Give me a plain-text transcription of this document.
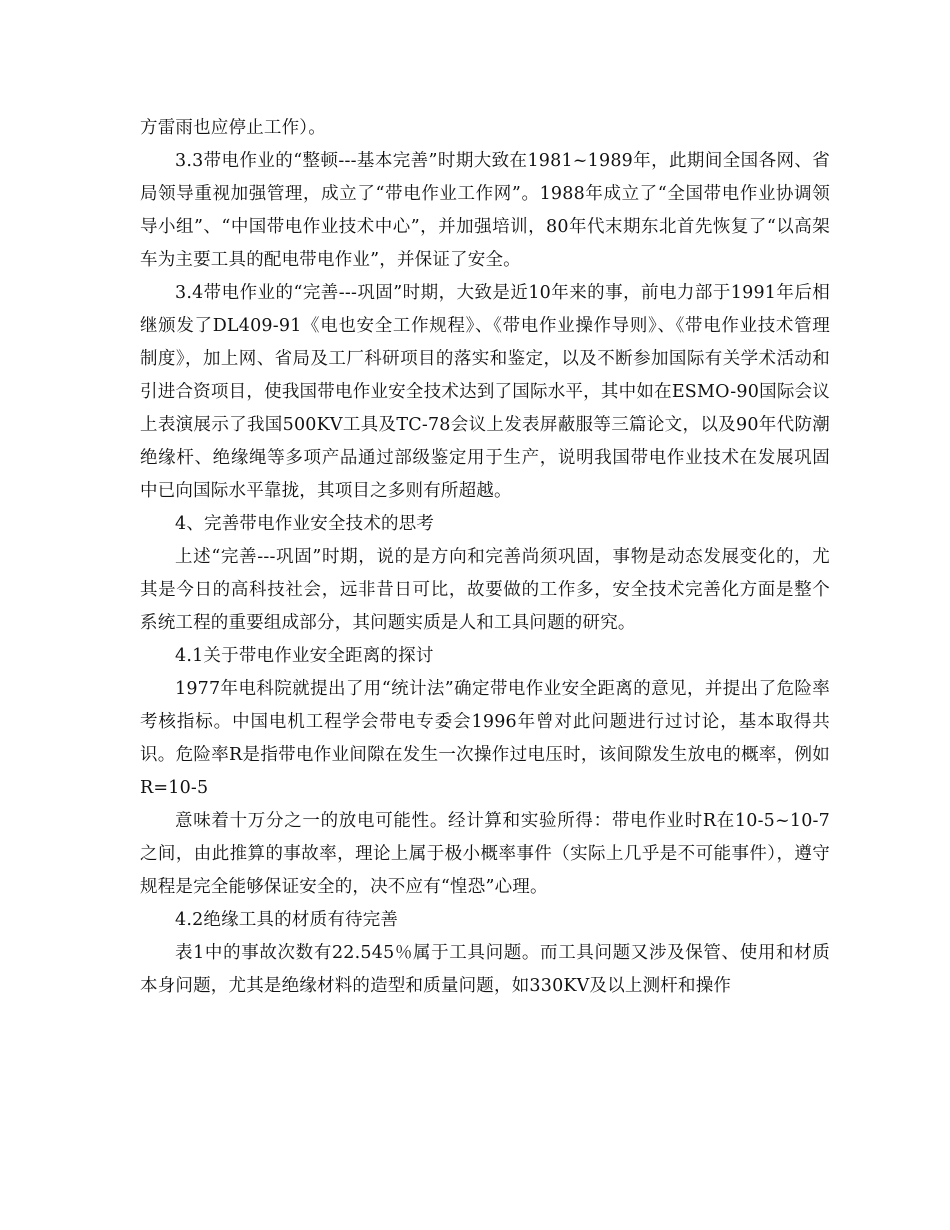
方雷雨也应停止工作）。

3.3带电作业的“整顿---基本完善”时期大致在1981~1989年，此期间全国各网、省局领导重视加强管理，成立了“带电作业工作网”。1988年成立了“全国带电作业协调领导小组”、“中国带电作业技术中心”，并加强培训，80年代末期东北首先恢复了“以高架车为主要工具的配电带电作业”，并保证了安全。

3.4带电作业的“完善---巩固”时期，大致是近10年来的事，前电力部于1991年后相继颁发了DL409-91《电也安全工作规程》、《带电作业操作导则》、《带电作业技术管理制度》，加上网、省局及工厂科研项目的落实和鉴定，以及不断参加国际有关学术活动和引进合资项目，使我国带电作业安全技术达到了国际水平，其中如在ESMO-90国际会议上表演展示了我国500KV工具及TC-78会议上发表屏蔽服等三篇论文，以及90年代防潮绝缘杆、绝缘绳等多项产品通过部级鉴定用于生产，说明我国带电作业技术在发展巩固中已向国际水平靠拢，其项目之多则有所超越。

4、完善带电作业安全技术的思考

上述“完善---巩固”时期，说的是方向和完善尚须巩固，事物是动态发展变化的，尤其是今日的高科技社会，远非昔日可比，故要做的工作多，安全技术完善化方面是整个系统工程的重要组成部分，其问题实质是人和工具问题的研究。

4.1关于带电作业安全距离的探讨

1977年电科院就提出了用“统计法”确定带电作业安全距离的意见，并提出了危险率考核指标。中国电机工程学会带电专委会1996年曾对此问题进行过讨论，基本取得共识。危险率R是指带电作业间隙在发生一次操作过电压时，该间隙发生放电的概率，例如R=10-5

意味着十万分之一的放电可能性。经计算和实验所得：带电作业时R在10-5~10-7之间，由此推算的事故率，理论上属于极小概率事件（实际上几乎是不可能事件），遵守规程是完全能够保证安全的，决不应有“惶恐”心理。

4.2绝缘工具的材质有待完善

表1中的事故次数有22.545％属于工具问题。而工具问题又涉及保管、使用和材质本身问题，尤其是绝缘材料的造型和质量问题，如330KV及以上测杆和操作
